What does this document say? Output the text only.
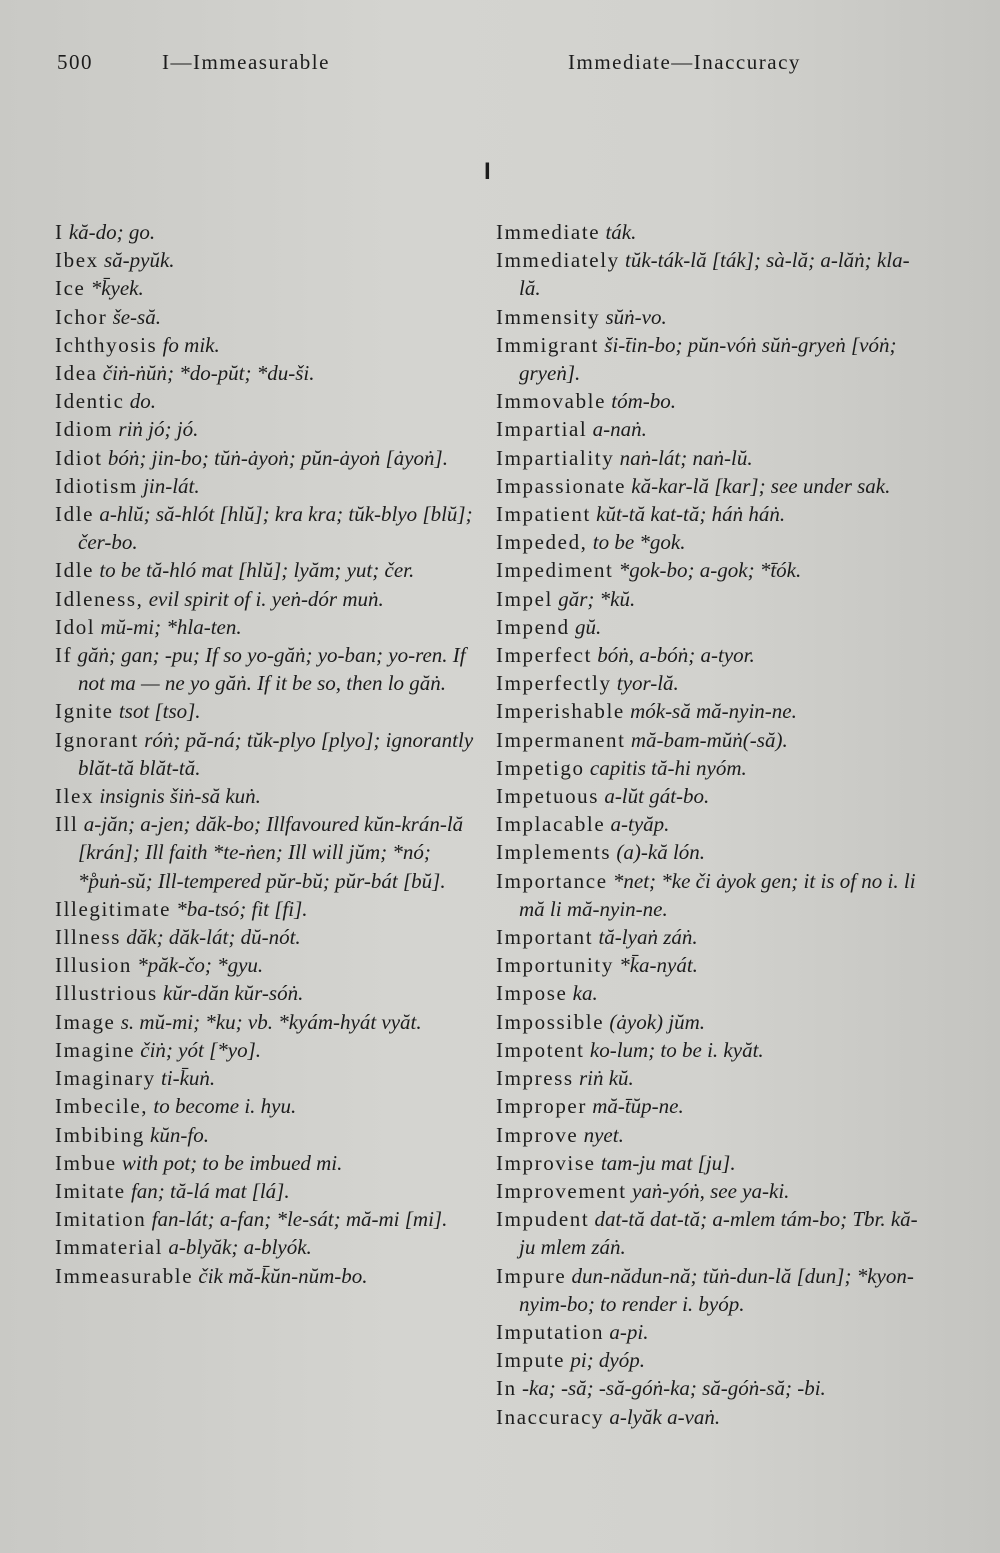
500	I—Immeasurable	Immediate—Inaccuracy
I
I kă-do; go.
Ibex să-pyŭk.
Ice *k̄yek.
Ichor še-să.
Ichthyosis fo mik.
Idea čiṅ-ṅŭṅ; *do-pŭt; *du-ši.
Identic do.
Idiom riṅ jó; jó.
Idiot bóṅ; jin-bo; tŭṅ-ȧyoṅ; pŭn-ȧyoṅ [ȧyoṅ].
Idiotism jin-lát.
Idle a-hlŭ; să-hlót [hlŭ]; kra kra; tŭk-blyo [blŭ]; čer-bo.
Idle to be tă-hló mat [hlŭ]; lyăm; yut; čer.
Idleness, evil spirit of i. yeṅ-dór muṅ.
Idol mŭ-mi; *hla-ten.
If găṅ; gan; -pu; If so yo-găṅ; yo-ban; yo-ren. If not ma — ne yo găṅ. If it be so, then lo găṅ.
Ignite tsot [tso].
Ignorant róṅ; pă-ná; tŭk-plyo [plyo]; ignorantly blăt-tă blăt-tă.
Ilex insignis šiṅ-să kuṅ.
Ill a-jăn; a-jen; dăk-bo; Illfavoured kŭn-krán-lă [krán]; Ill faith *te-ṅen; Ill will jŭm; *nó; *p̊uṅ-sŭ; Ill-tempered pŭr-bŭ; pŭr-bát [bŭ].
Illegitimate *ba-tsó; fit [fi].
Illness dăk; dăk-lát; dŭ-nót.
Illusion *păk-čo; *gyu.
Illustrious kŭr-dăn kŭr-sóṅ.
Image s. mŭ-mi; *ku; vb. *kyám-hyát vyăt.
Imagine čiṅ; yót [*yo].
Imaginary ti-k̄uṅ.
Imbecile, to become i. hyu.
Imbibing kŭn-fo.
Imbue with pot; to be imbued mi.
Imitate fan; tă-lá mat [lá].
Imitation fan-lát; a-fan; *le-sát; mă-mi [mi].
Immaterial a-blyăk; a-blyók.
Immeasurable čik mă-k̄ŭn-nŭm-bo.
Immediate ták.
Immediately tŭk-ták-lă [ták]; sà-lă; a-lăṅ; kla-lă.
Immensity sŭṅ-vo.
Immigrant ši-t̄in-bo; pŭn-vóṅ sŭṅ-gryeṅ [vóṅ; gryeṅ].
Immovable tóm-bo.
Impartial a-naṅ.
Impartiality naṅ-lát; naṅ-lŭ.
Impassionate kă-kar-lă [kar]; see under sak.
Impatient kŭt-tă kat-tă; háṅ háṅ.
Impeded, to be *gok.
Impediment *gok-bo; a-gok; *t̄ók.
Impel găr; *kŭ.
Impend gŭ.
Imperfect bóṅ, a-bóṅ; a-tyor.
Imperfectly tyor-lă.
Imperishable mók-să mă-nyin-ne.
Impermanent mă-bam-mŭṅ(-să).
Impetigo capitis tă-hi nyóm.
Impetuous a-lŭt gát-bo.
Implacable a-tyăp.
Implements (a)-kă lón.
Importance *net; *ke či ȧyok gen; it is of no i. li mă li mă-nyin-ne.
Important tă-lyaṅ záṅ.
Importunity *k̄a-nyát.
Impose ka.
Impossible (ȧyok) jŭm.
Impotent ko-lum; to be i. kyăt.
Impress riṅ kŭ.
Improper mă-t̄ŭp-ne.
Improve nyet.
Improvise tam-ju mat [ju].
Improvement yaṅ-yóṅ, see ya-ki.
Impudent dat-tă dat-tă; a-mlem tám-bo; Tbr. kă-ju mlem záṅ.
Impure dun-nădun-nă; tŭṅ-dun-lă [dun]; *kyon-nyim-bo; to render i. byóp.
Imputation a-pi.
Impute pi; dyóp.
In -ka; -să; -să-góṅ-ka; să-góṅ-să; -bi.
Inaccuracy a-lyăk a-vaṅ.
